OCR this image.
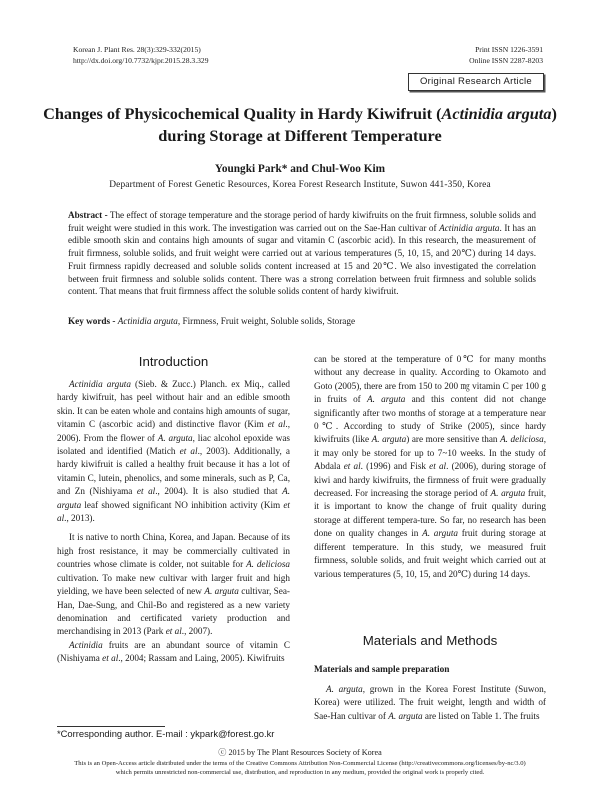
Korean J. Plant Res. 28(3):329-332(2015)
http://dx.doi.org/10.7732/kjpr.2015.28.3.329
Print ISSN 1226-3591
Online ISSN 2287-8203
Original Research Article
Changes of Physicochemical Quality in Hardy Kiwifruit (Actinidia arguta)
during Storage at Different Temperature
Youngki Park* and Chul-Woo Kim
Department of Forest Genetic Resources, Korea Forest Research Institute, Suwon 441-350, Korea
Abstract - The effect of storage temperature and the storage period of hardy kiwifruits on the fruit firmness, soluble solids and fruit weight were studied in this work. The investigation was carried out on the Sae-Han cultivar of Actinidia arguta. It has an edible smooth skin and contains high amounts of sugar and vitamin C (ascorbic acid). In this research, the measurement of fruit firmness, soluble solids, and fruit weight were carried out at various temperatures (5, 10, 15, and 20℃) during 14 days. Fruit firmness rapidly decreased and soluble solids content increased at 15 and 20℃. We also investigated the correlation between fruit firmness and soluble solids content. There was a strong correlation between fruit firmness and soluble solids content. That means that fruit firmness affect the soluble solids content of hardy kiwifruit.
Key words - Actinidia arguta, Firmness, Fruit weight, Soluble solids, Storage
Introduction

Actinidia arguta (Sieb. & Zucc.) Planch. ex Miq., called hardy kiwifruit, has peel without hair and an edible smooth skin. It can be eaten whole and contains high amounts of sugar, vitamin C (ascorbic acid) and distinctive flavor (Kim et al., 2006). From the flower of A. arguta, liac alcohol epoxide was isolated and identified (Matich et al., 2003). Additionally, a hardy kiwifruit is called a healthy fruit because it has a lot of vitamin C, lutein, phenolics, and some minerals, such as P, Ca, and Zn (Nishiyama et al., 2004). It is also studied that A. arguta leaf showed significant NO inhibition activity (Kim et al., 2013).

It is native to north China, Korea, and Japan. Because of its high frost resistance, it may be commercially cultivated in countries whose climate is colder, not suitable for A. deliciosa cultivation. To make new cultivar with larger fruit and high yielding, we have been selected of new A. arguta cultivar, Sea-Han, Dae-Sung, and Chil-Bo and registered as a new variety denomination and certificated variety production and merchandising in 2013 (Park et al., 2007).

Actinidia fruits are an abundant source of vitamin C (Nishiyama et al., 2004; Rassam and Laing, 2005). Kiwifruits

can be stored at the temperature of 0℃ for many months without any decrease in quality. According to Okamoto and Goto (2005), there are from 150 to 200 ㎎ vitamin C per 100 g in fruits of A. arguta and this content did not change significantly after two months of storage at a temperature near 0℃. According to study of Strike (2005), since hardy kiwifruits (like A. arguta) are more sensitive than A. deliciosa, it may only be stored for up to 7~10 weeks. In the study of Abdala et al. (1996) and Fisk et al. (2006), during storage of kiwi and hardy kiwifruits, the firmness of fruit were gradually decreased. For increasing the storage period of A. arguta fruit, it is important to know the change of fruit quality during storage at different tempera-ture. So far, no research has been done on quality changes in A. arguta fruit during storage at different temperature. In this study, we measured fruit firmness, soluble solids, and fruit weight which carried out at various temperatures (5, 10, 15, and 20℃) during 14 days.

Materials and Methods
Materials and sample preparation

A. arguta, grown in the Korea Forest Institute (Suwon, Korea) were utilized. The fruit weight, length and width of Sae-Han cultivar of A. arguta are listed on Table 1. The fruits

*Corresponding author. E-mail : ykpark@forest.go.kr
ⓒ 2015 by The Plant Resources Society of Korea
This is an Open-Access article distributed under the terms of the Creative Commons Attribution Non-Commercial License (http://creativecommons.org/licenses/by-nc/3.0)
which permits unrestricted non-commercial use, distribution, and reproduction in any medium, provided the original work is properly cited.
